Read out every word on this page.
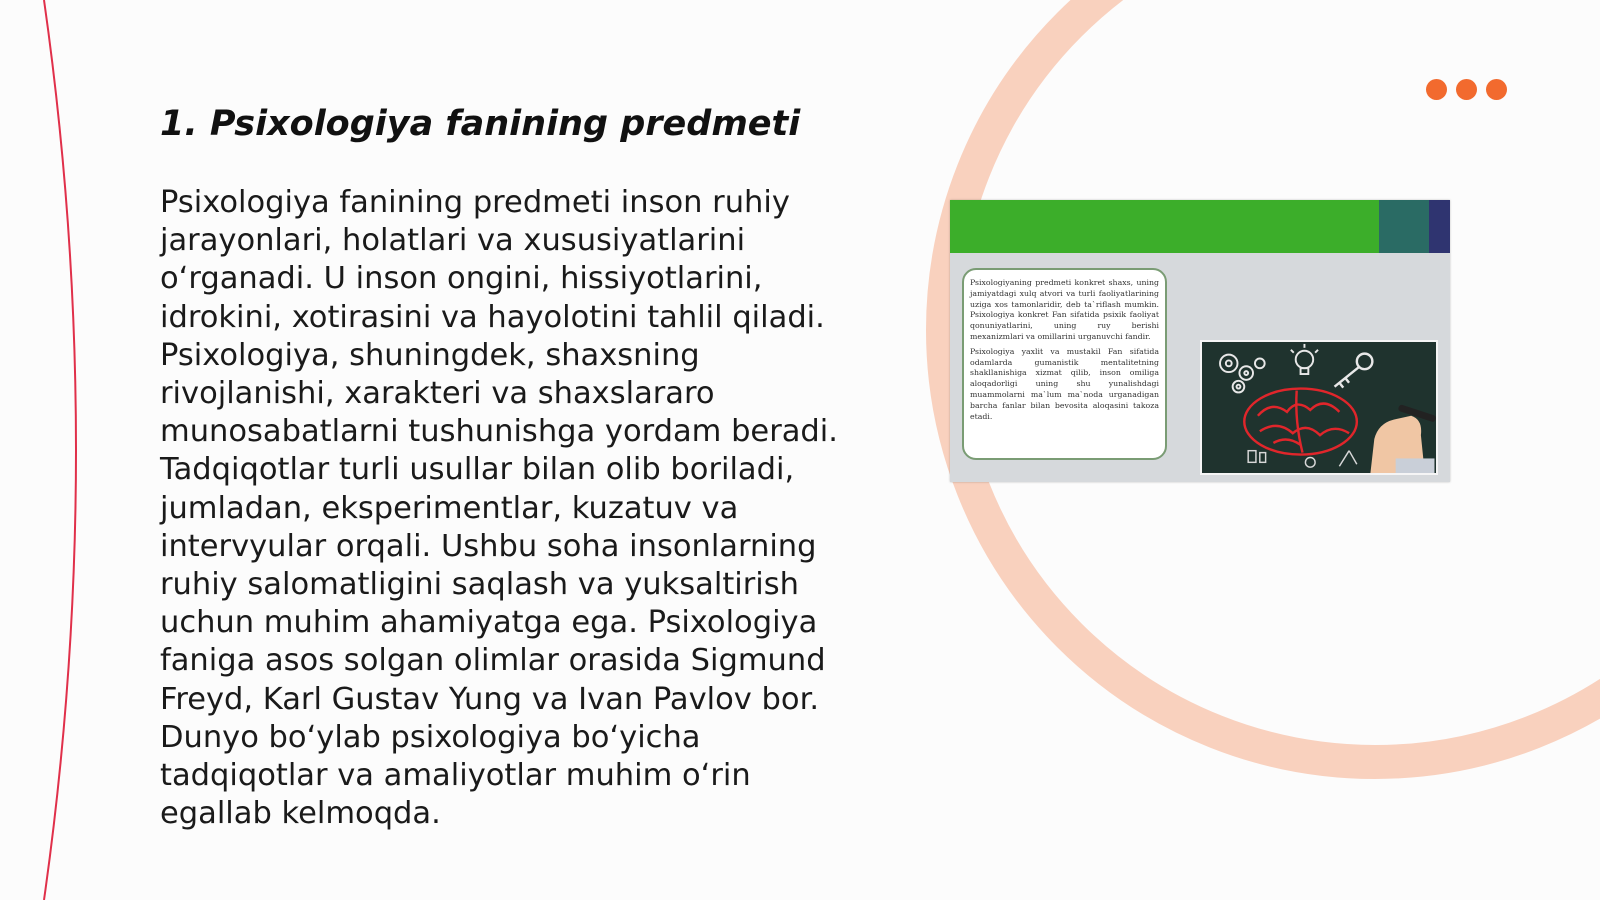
1. Psixologiya fanining predmeti

Psixologiya fanining predmeti inson ruhiy jarayonlari, holatlari va xususiyatlarini o‘rganadi. U inson ongini, hissiyotlarini, idrokini, xotirasini va hayolotini tahlil qiladi. Psixologiya, shuningdek, shaxsning rivojlanishi, xarakteri va shaxslararo munosabatlarni tushunishga yordam beradi. Tadqiqotlar turli usullar bilan olib boriladi, jumladan, eksperimentlar, kuzatuv va intervyular orqali. Ushbu soha insonlarning ruhiy salomatligini saqlash va yuksaltirish uchun muhim ahamiyatga ega. Psixologiya faniga asos solgan olimlar orasida Sigmund Freyd, Karl Gustav Yung va Ivan Pavlov bor. Dunyo bo‘ylab psixologiya bo‘yicha tadqiqotlar va amaliyotlar muhim o‘rin egallab kelmoqda.

Psixologiyaning predmeti konkret shaxs, uning jamiyatdagi xulq atvori va turli faoliyatlarining uziga xos tamonlaridir, deb ta`riflash mumkin. Psixologiya konkret Fan sifatida psixik faoliyat qonuniyatlarini, uning ruy berishi mexanizmlari va omillarini urganuvchi fandir.

Psixologiya yaxlit va mustakil Fan sifatida odamlarda gumanistik mentalitetning shakllanishiga xizmat qilib, inson omiliga aloqadorligi uning shu yunalishdagi muammolarni ma`lum ma`noda urganadigan barcha fanlar bilan bevosita aloqasini takoza etadi.
